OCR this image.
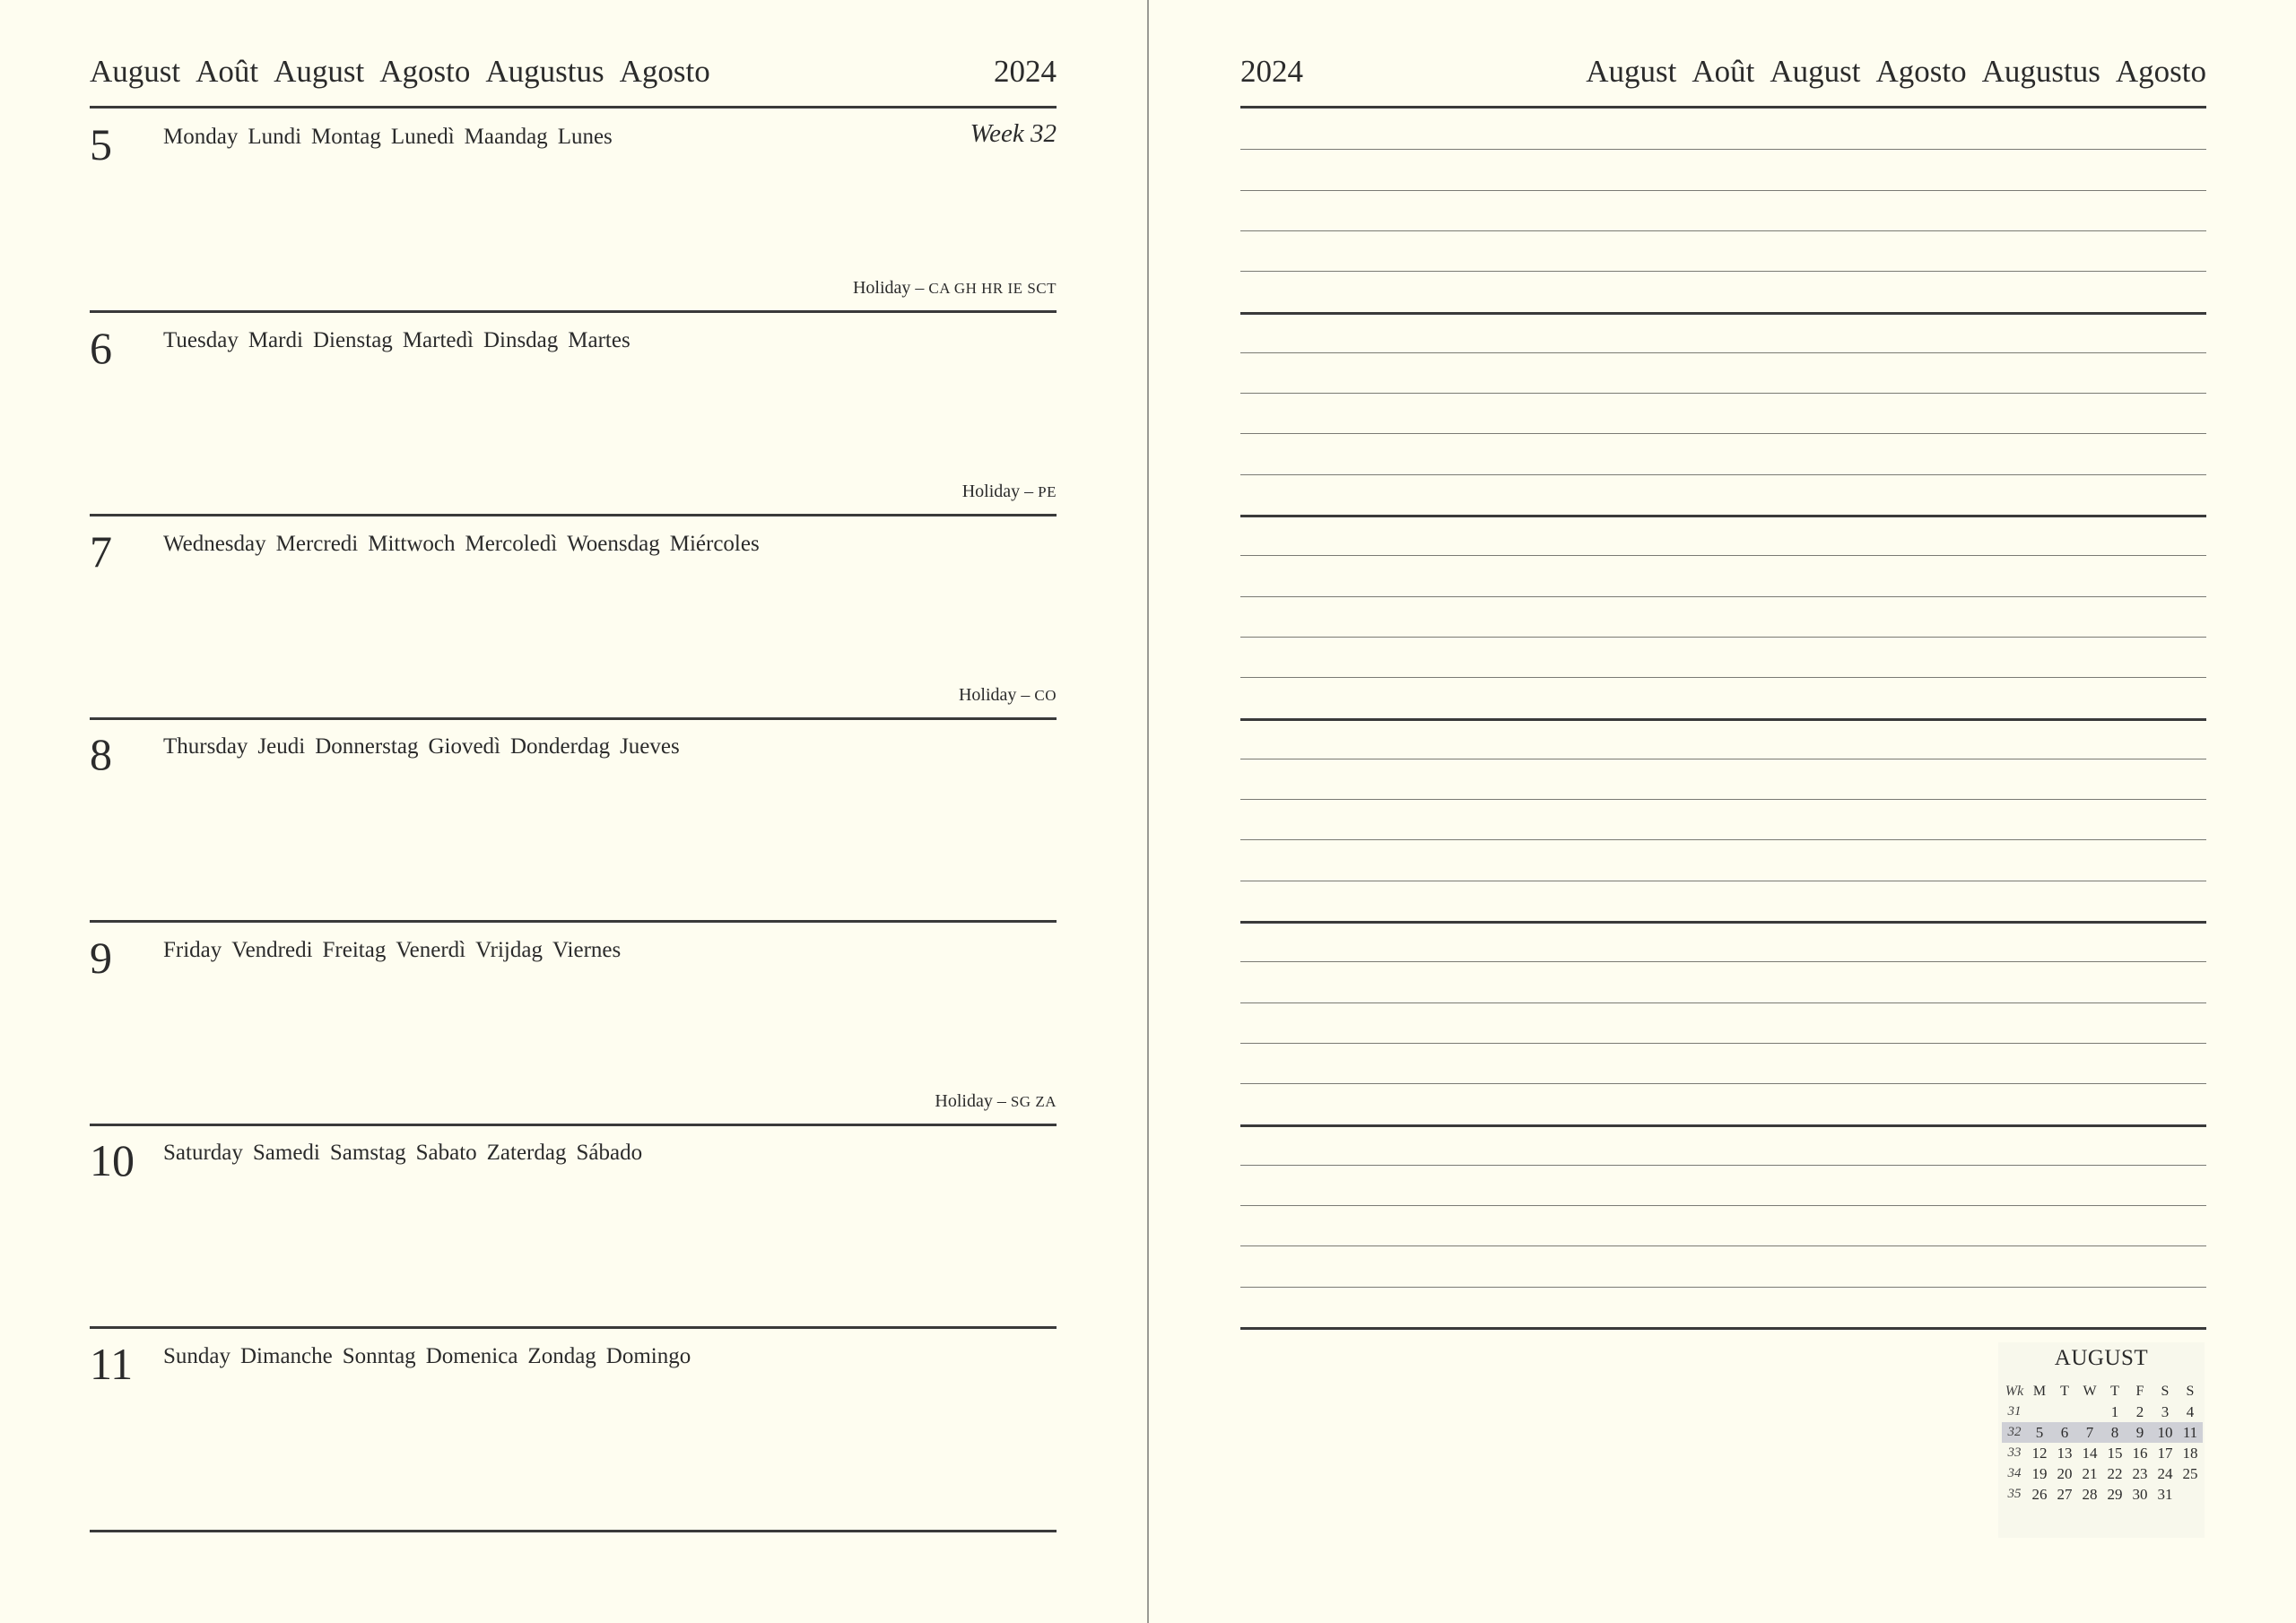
August Août August Agosto Augustus Agosto	2024
5 Monday Lundi Montag Lunedì Maandag Lunes	Week 32
Holiday – CA GH HR IE SCT
6 Tuesday Mardi Dienstag Martedì Dinsdag Martes
Holiday – PE
7 Wednesday Mercredi Mittwoch Mercoledì Woensdag Miércoles
Holiday – CO
8 Thursday Jeudi Donnerstag Giovedì Donderdag Jueves
9 Friday Vendredi Freitag Venerdì Vrijdag Viernes
Holiday – SG ZA
10 Saturday Samedi Samstag Sabato Zaterdag Sábado
11 Sunday Dimanche Sonntag Domenica Zondag Domingo
2024	August Août August Agosto Augustus Agosto
AUGUST
Wk	M	T	W	T	F	S	S
31				1	2	3	4
32	5	6	7	8	9	10	11
33	12	13	14	15	16	17	18
34	19	20	21	22	23	24	25
35	26	27	28	29	30	31	
